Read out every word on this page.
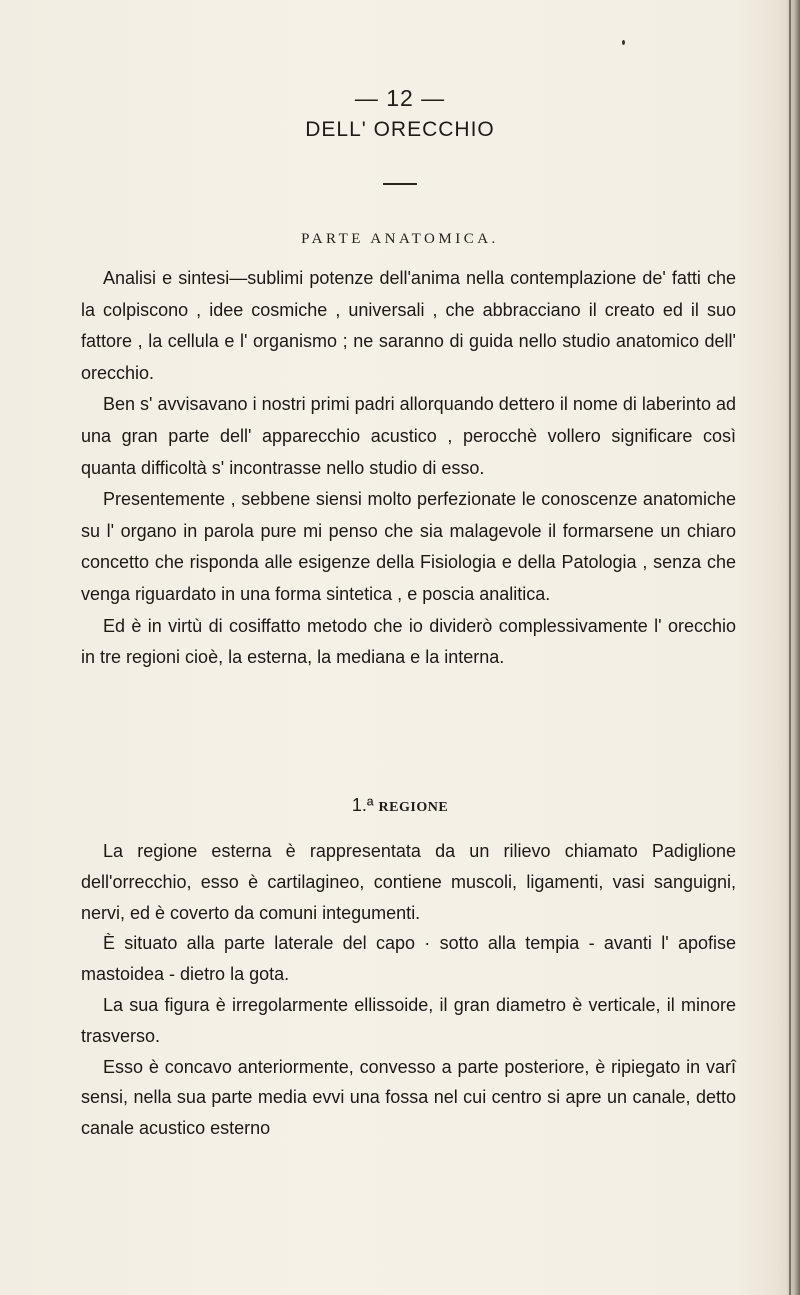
— 12 —
DELL' ORECCHIO
PARTE ANATOMICA.

Analisi e sintesi—sublimi potenze dell'anima nella contemplazione de' fatti che la colpiscono , idee cosmiche , universali , che abbracciano il creato ed il suo fattore , la cellula e l' organismo ; ne saranno di guida nello studio anatomico dell' orecchio.

Ben s' avvisavano i nostri primi padri allorquando dettero il nome di laberinto ad una gran parte dell' apparecchio acustico , perocchè vollero significare così quanta difficoltà s' incontrasse nello studio di esso.

Presentemente , sebbene siensi molto perfezionate le conoscenze anatomiche su l' organo in parola pure mi penso che sia malagevole il formarsene un chiaro concetto che risponda alle esigenze della Fisiologia e della Patologia , senza che venga riguardato in una forma sintetica , e poscia analitica.

Ed è in virtù di cosiffatto metodo che io dividerò complessivamente l' orecchio in tre regioni cioè, la esterna, la mediana e la interna.

1.ª REGIONE

La regione esterna è rappresentata da un rilievo chiamato Padiglione dell'orrecchio, esso è cartilagineo, contiene muscoli, ligamenti, vasi sanguigni, nervi, ed è coverto da comuni integumenti.

È situato alla parte laterale del capo · sotto alla tempia - avanti l' apofise mastoidea - dietro la gota.

La sua figura è irregolarmente ellissoide, il gran diametro è verticale, il minore trasverso.

Esso è concavo anteriormente, convesso a parte posteriore, è ripiegato in varî sensi, nella sua parte media evvi una fossa nel cui centro si apre un canale, detto canale acustico esterno
